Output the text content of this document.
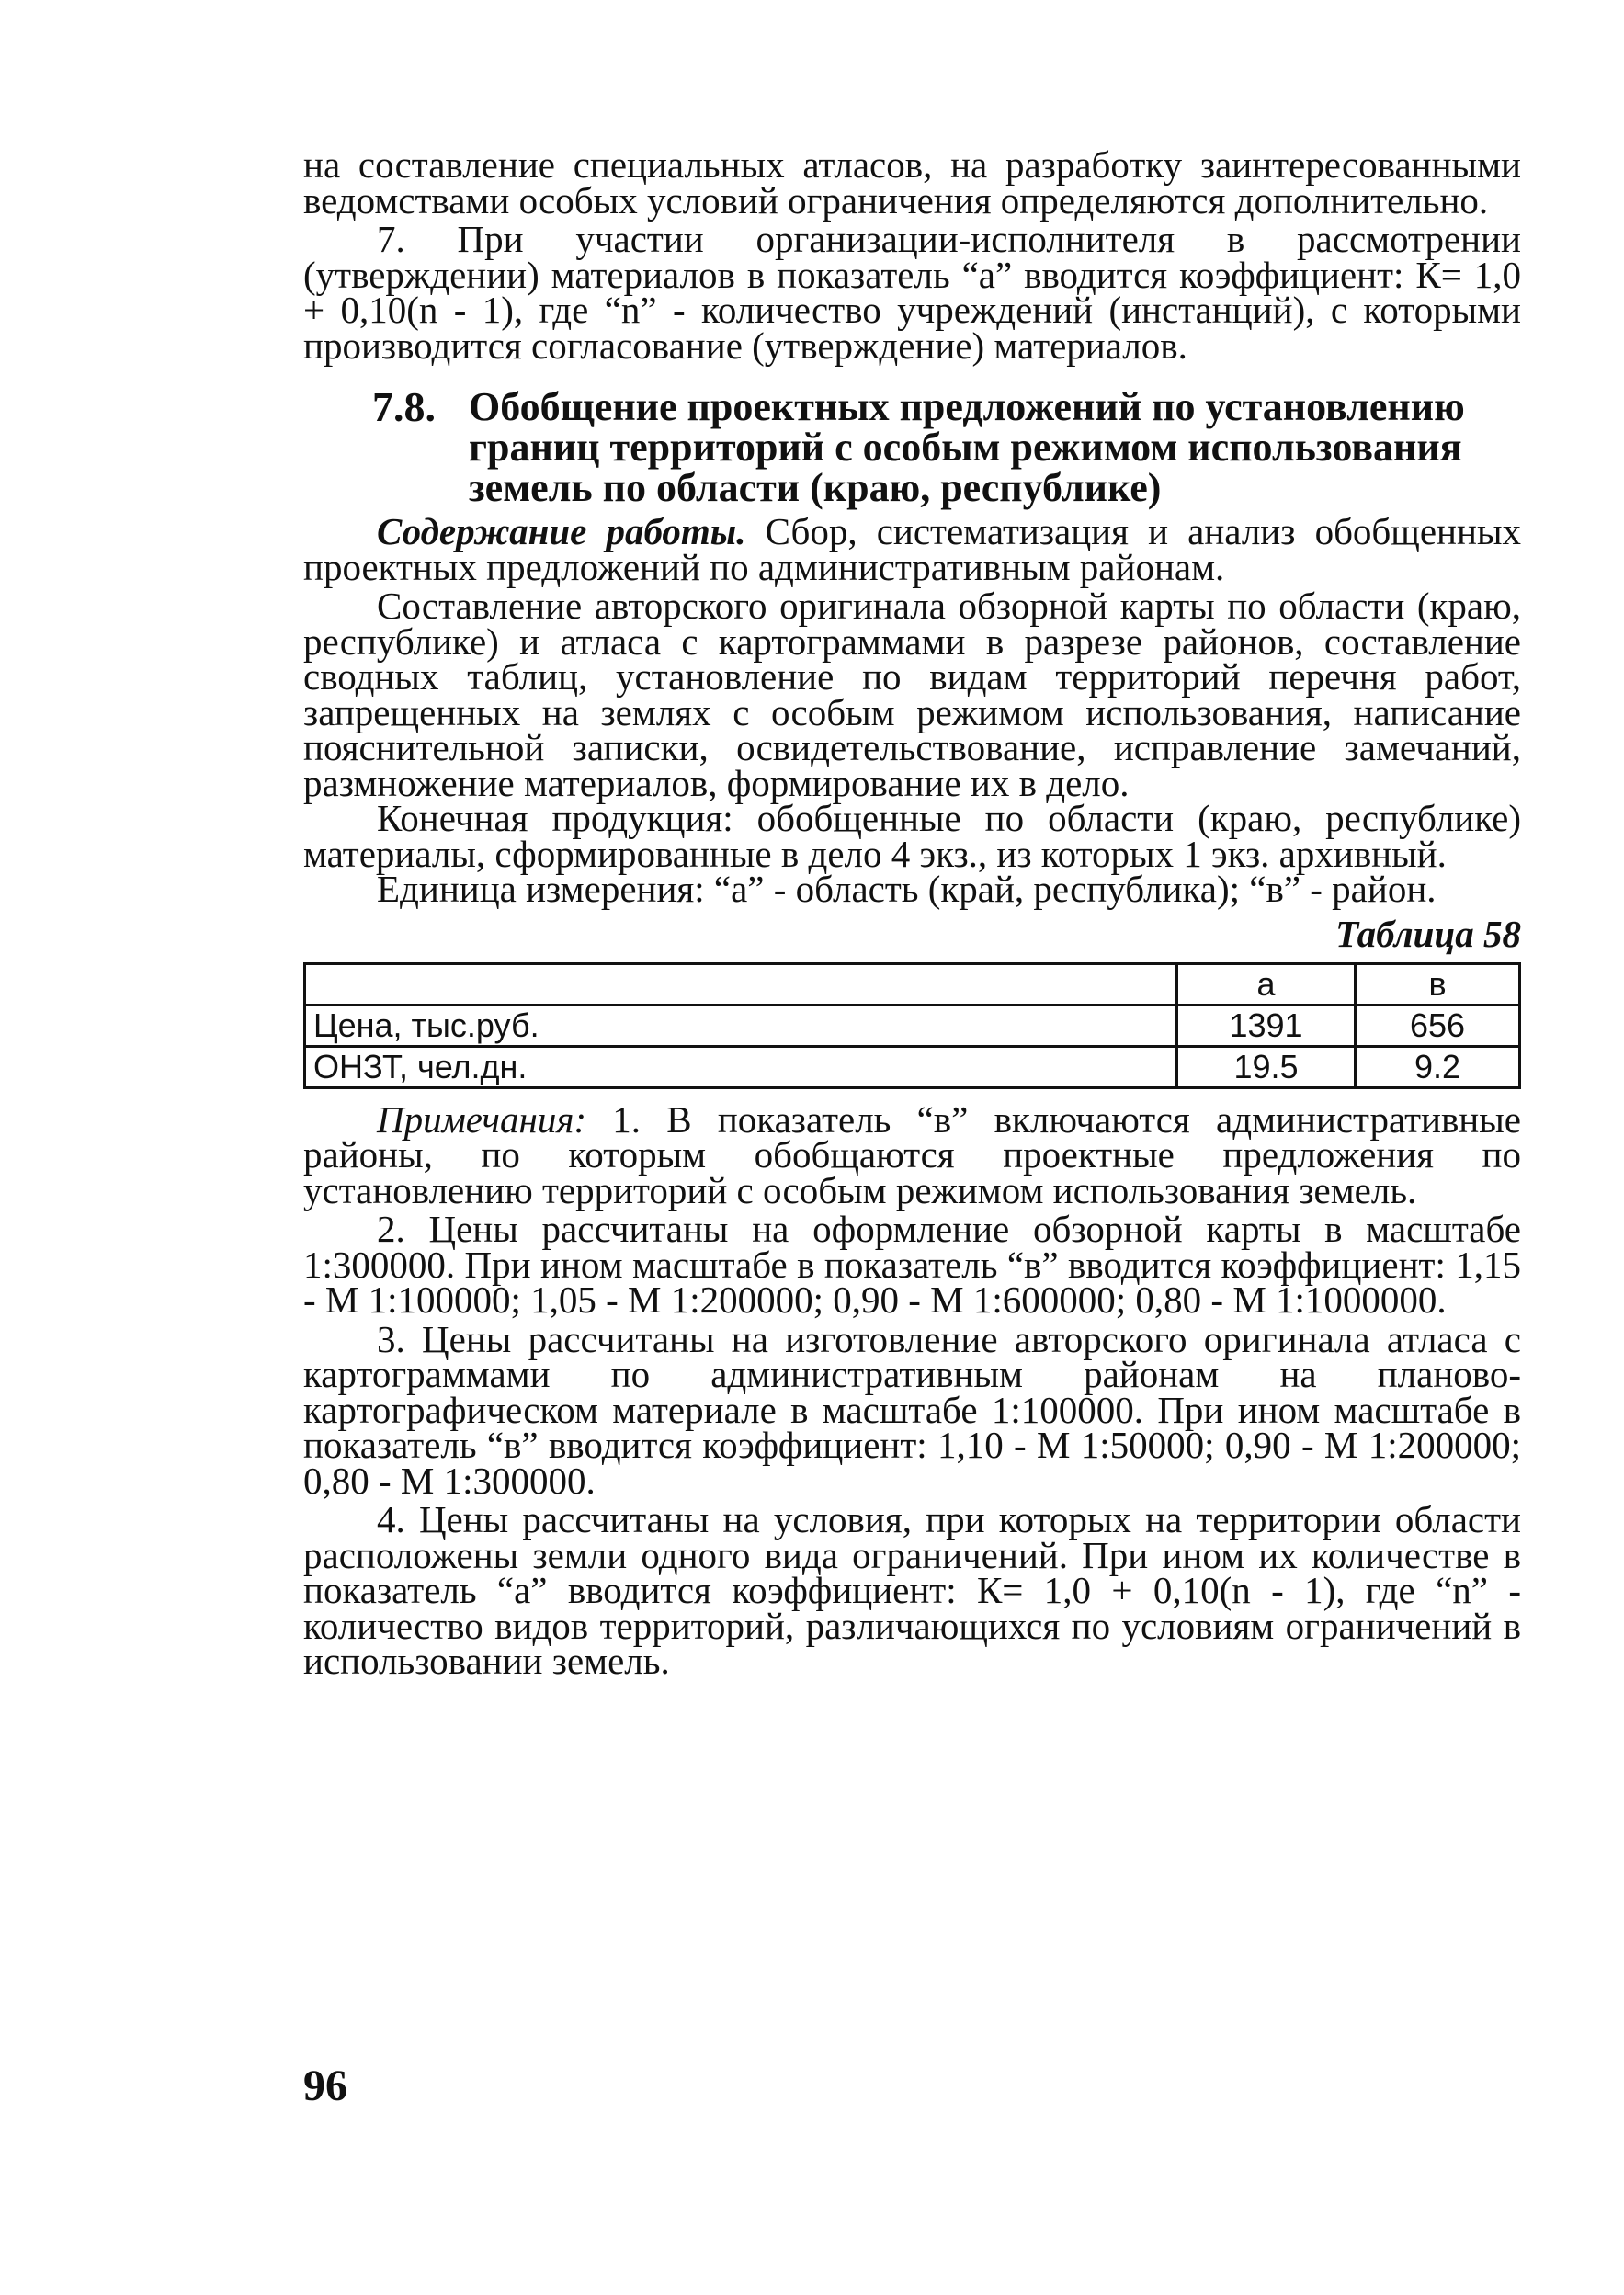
на составление специальных атласов, на разработку заинтересованными ведомствами особых условий ограничения определяются дополнительно.

7. При участии организации-исполнителя в рассмотрении (утверждении) материалов в показатель “а” вводится коэффициент: К= 1,0 + 0,10(n - 1), где “n” - количество учреждений (инстанций), с которыми производится согласование (утверждение) материалов.

7.8. Обобщение проектных предложений по установлению границ территорий с особым режимом использования земель по области (краю, республике)

Содержание работы. Сбор, систематизация и анализ обобщенных проектных предложений по административным районам.

Составление авторского оригинала обзорной карты по области (краю, республике) и атласа с картограммами в разрезе районов, составление сводных таблиц, установление по видам территорий перечня работ, запрещенных на землях с особым режимом использования, написание пояснительной записки, освидетельствование, исправление замечаний, размножение материалов, формирование их в дело.

Конечная продукция: обобщенные по области (краю, республике) материалы, сформированные в дело 4 экз., из которых 1 экз. архивный.

Единица измерения: “а” - область (край, республика); “в” - район.

Таблица 58
	а	в
Цена, тыс.руб.	1391	656
ОНЗТ, чел.дн.	19.5	9.2

Примечания: 1. В показатель “в” включаются административные районы, по которым обобщаются проектные предложения по установлению территорий с особым режимом использования земель.

2. Цены рассчитаны на оформление обзорной карты в масштабе 1:300000. При ином масштабе в показатель “в” вводится коэффициент: 1,15 - М 1:100000; 1,05 - М 1:200000; 0,90 - М 1:600000; 0,80 - М 1:1000000.

3. Цены рассчитаны на изготовление авторского оригинала атласа с картограммами по административным районам на планово-картографическом материале в масштабе 1:100000. При ином масштабе в показатель “в” вводится коэффициент: 1,10 - М 1:50000; 0,90 - М 1:200000; 0,80 - М 1:300000.

4. Цены рассчитаны на условия, при которых на территории области расположены земли одного вида ограничений. При ином их количестве в показатель “а” вводится коэффициент: К= 1,0 + 0,10(n - 1), где “n” - количество видов территорий, различающихся по условиям ограничений в использовании земель.

96
